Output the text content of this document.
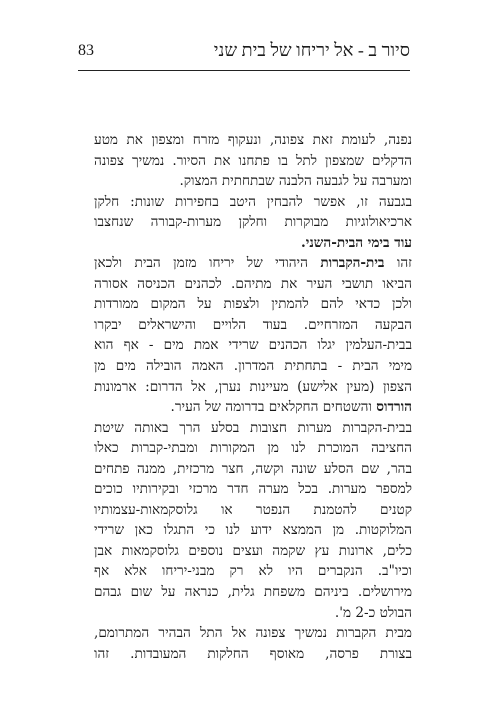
83	סיור ב - אל יריחו של בית שני
נפנה, לעומת זאת צפונה, ונעקוף מזרח ומצפון את מטע
הדקלים שמצפון לתל בו פתחנו את הסיור. נמשיך צפונה
ומערבה על לגבעה הלבנה שבתחתית המצוק.
בגבעה זו, אפשר להבחין היטב בחפירות שונות: חלקן
ארכיאולוגיות מבוקרות וחלקן מערות-קבורה שנחצבו
עוד בימי הבית-השני.
זהו בית-הקברות היהודי של יריחו מזמן הבית ולכאן
הביאו תושבי העיר את מתיהם. לכהנים הכניסה אסורה
ולכן כדאי להם להמתין ולצפות על המקום ממורדות
הבקעה המזרחיים. בעוד הלויים והישראלים יבקרו
בבית-העלמין יגלו הכהנים שרידי אמת מים - אף הוא
מימי הבית - בתחתית המדרון. האמה הובילה מים מן
הצפון (מעין אלישע) מעיינות נערן, אל הדרום: ארמונות
הורדוס והשטחים החקלאים בדרומה של העיר.
בבית-הקברות מערות חצובות בסלע הרך באותה שיטת
החציבה המוכרת לנו מן המקורות ומבתי-קברות כאלו
בהר, שם הסלע שונה וקשה, חצר מרכזית, ממנה פתחים
למספר מערות. בכל מערה חדר מרכזי ובקירותיו כוכים
קטנים להטמנת הנפטר או גלוסקמאות-עצמותיו
המלוקטות. מן הממצא ידוע לנו כי התגלו כאן שרידי
כלים, ארונות עץ שקמה ועצים נוספים גלוסקמאות אבן
וכיו"ב. הנקברים היו לא רק מבני-יריחו אלא אף
מירושלים. ביניהם משפחת גלית, כנראה על שום גבהם
הבולט כ-2 מ'.
מבית הקברות נמשיך צפונה אל התל הבהיר המתרומם,
בצורת פרסה, מאוסף החלקות המעובדות. זהו
